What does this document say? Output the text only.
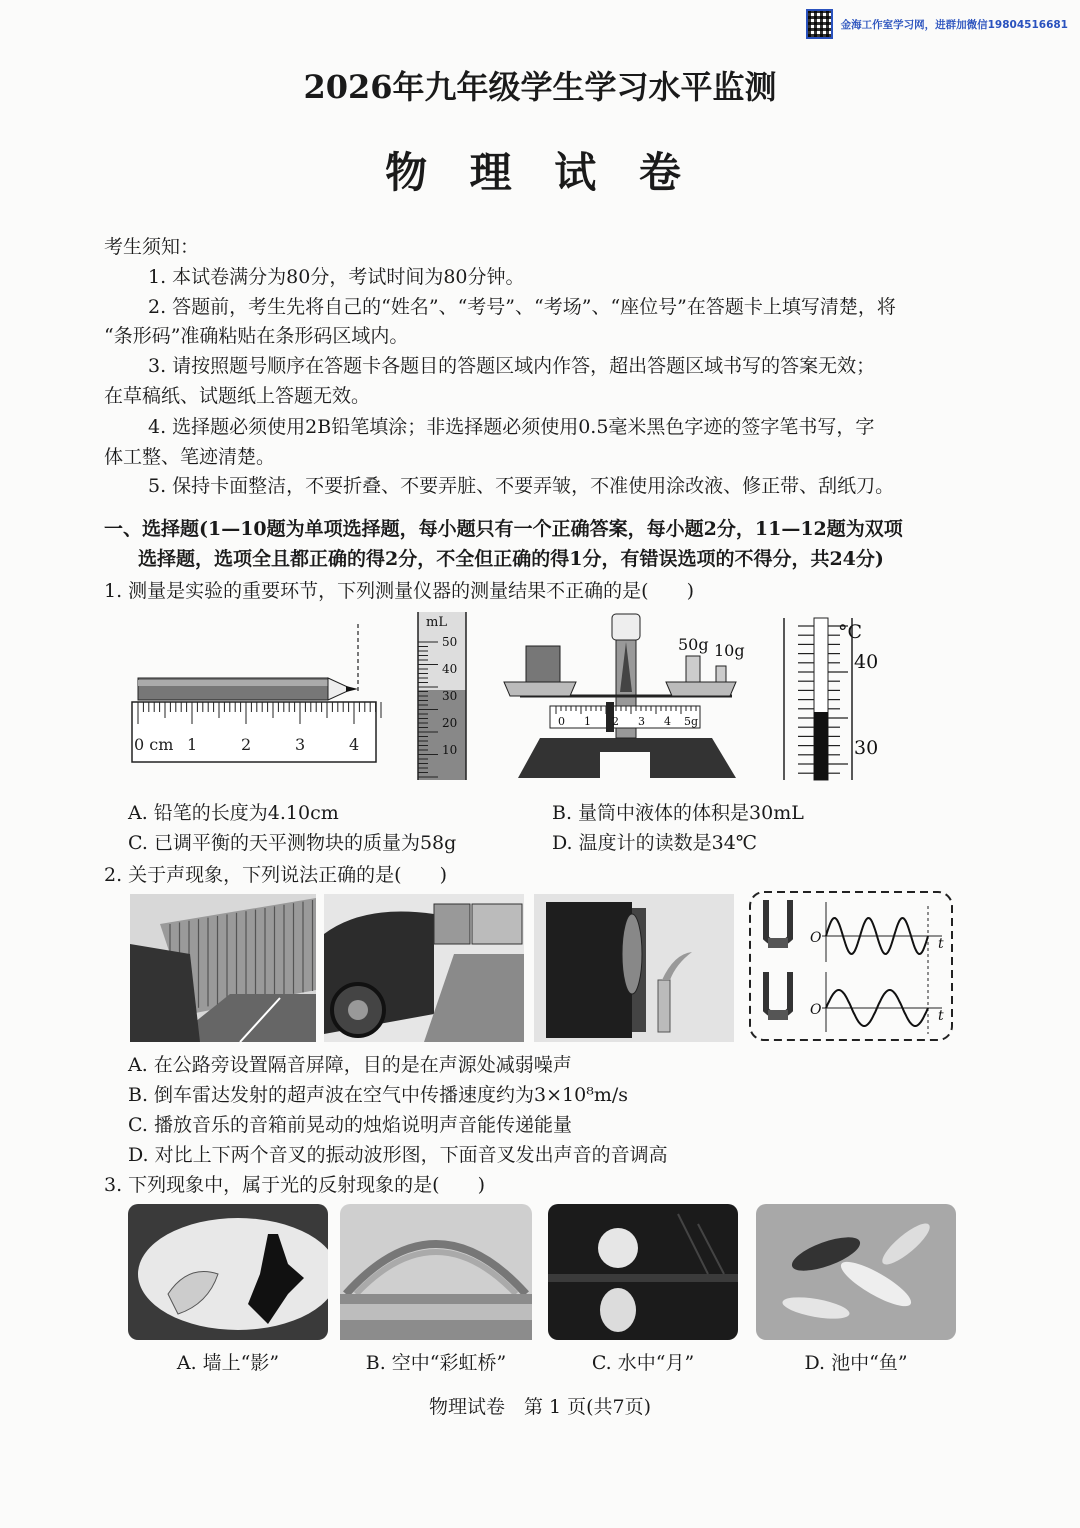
金海工作室学习网，进群加微信19804516681
2026年九年级学生学习水平监测
物 理 试 卷
考生须知：
1. 本试卷满分为80分，考试时间为80分钟。
2. 答题前，考生先将自己的“姓名”、“考号”、“考场”、“座位号”在答题卡上填写清楚，将
“条形码”准确粘贴在条形码区域内。
3. 请按照题号顺序在答题卡各题目的答题区域内作答，超出答题区域书写的答案无效；
在草稿纸、试题纸上答题无效。
4. 选择题必须使用2B铅笔填涂；非选择题必须使用0.5毫米黑色字迹的签字笔书写，字
体工整、笔迹清楚。
5. 保持卡面整洁，不要折叠、不要弄脏、不要弄皱，不准使用涂改液、修正带、刮纸刀。
一、选择题(1—10题为单项选择题，每小题只有一个正确答案，每小题2分，11—12题为双项
选择题，选项全且都正确的得2分，不全但正确的得1分，有错误选项的不得分，共24分)
1. 测量是实验的重要环节，下列测量仪器的测量结果不正确的是(　　)
0 cm 1	2	3	4
mL
50
40
30
20
10
50g 10g
0 1 2 3 4 5g
°C
40
30
A. 铅笔的长度为4.10cm	B. 量筒中液体的体积是30mL
C. 已调平衡的天平测物块的质量为58g	D. 温度计的读数是34℃
2. 关于声现象，下列说法正确的是(　　)
O
O
t
t
A. 在公路旁设置隔音屏障，目的是在声源处减弱噪声
B. 倒车雷达发射的超声波在空气中传播速度约为3×10⁸m/s
C. 播放音乐的音箱前晃动的烛焰说明声音能传递能量
D. 对比上下两个音叉的振动波形图，下面音叉发出声音的音调高
3. 下列现象中，属于光的反射现象的是(　　)
A. 墙上“影”	B. 空中“彩虹桥”	C. 水中“月”	D. 池中“鱼”
物理试卷　第 1 页(共7页)
